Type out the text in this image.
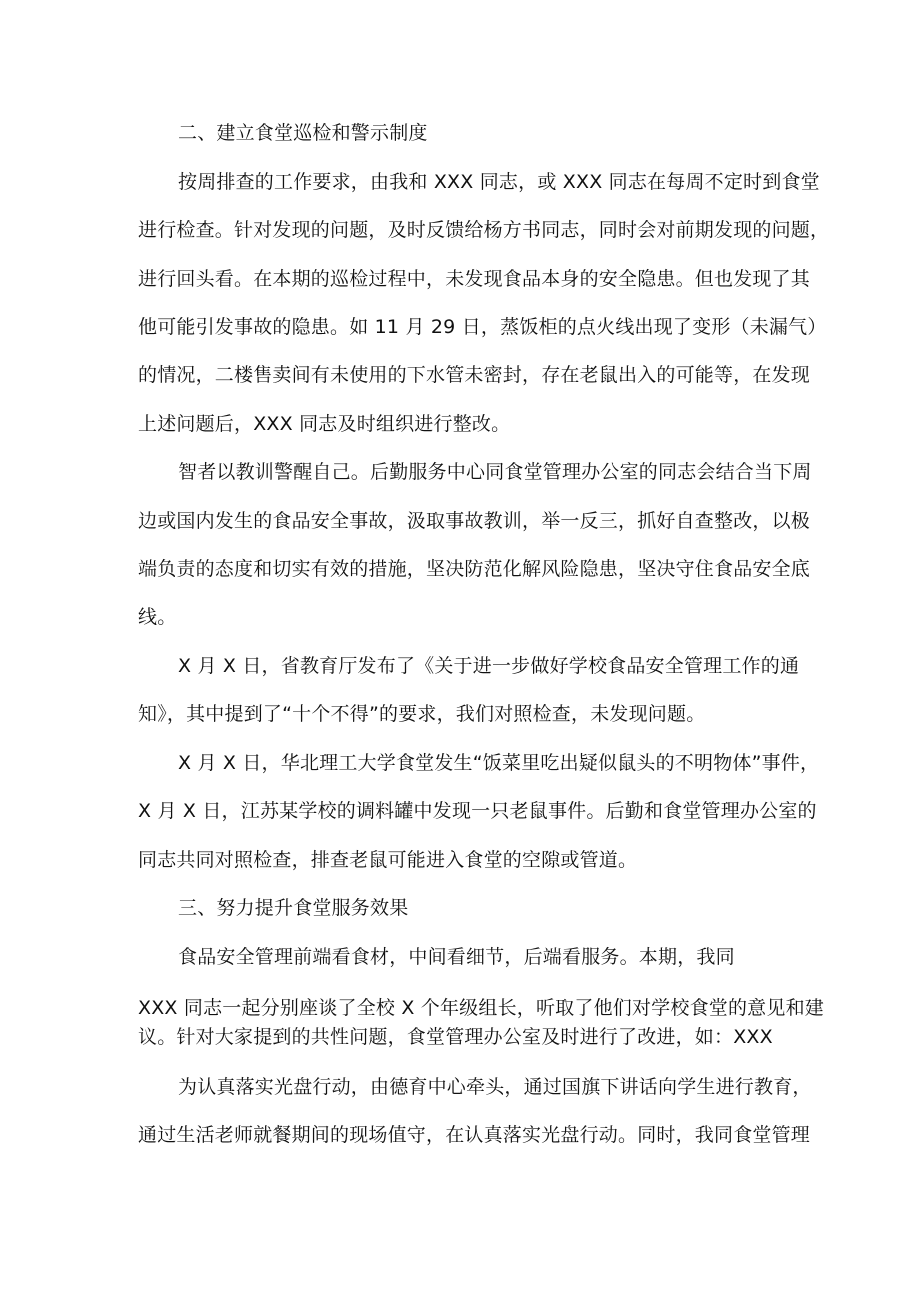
二、建立食堂巡检和警示制度
按周排查的工作要求，由我和 XXX 同志，或 XXX 同志在每周不定时到食堂
进行检查。针对发现的问题，及时反馈给杨方书同志，同时会对前期发现的问题，
进行回头看。在本期的巡检过程中，未发现食品本身的安全隐患。但也发现了其
他可能引发事故的隐患。如 11 月 29 日，蒸饭柜的点火线出现了变形（未漏气）
的情况，二楼售卖间有未使用的下水管未密封，存在老鼠出入的可能等，在发现
上述问题后，XXX 同志及时组织进行整改。
智者以教训警醒自己。后勤服务中心同食堂管理办公室的同志会结合当下周
边或国内发生的食品安全事故，汲取事故教训，举一反三，抓好自查整改，以极
端负责的态度和切实有效的措施，坚决防范化解风险隐患，坚决守住食品安全底
线。
X 月 X 日，省教育厅发布了《关于进一步做好学校食品安全管理工作的通
知》，其中提到了“十个不得”的要求，我们对照检查，未发现问题。
X 月 X 日，华北理工大学食堂发生“饭菜里吃出疑似鼠头的不明物体”事件，
X 月 X 日，江苏某学校的调料罐中发现一只老鼠事件。后勤和食堂管理办公室的
同志共同对照检查，排查老鼠可能进入食堂的空隙或管道。
三、努力提升食堂服务效果
食品安全管理前端看食材，中间看细节，后端看服务。本期，我同
XXX 同志一起分别座谈了全校 X 个年级组长，听取了他们对学校食堂的意见和建
议。针对大家提到的共性问题，食堂管理办公室及时进行了改进，如：XXX
为认真落实光盘行动，由德育中心牵头，通过国旗下讲话向学生进行教育，
通过生活老师就餐期间的现场值守，在认真落实光盘行动。同时，我同食堂管理
